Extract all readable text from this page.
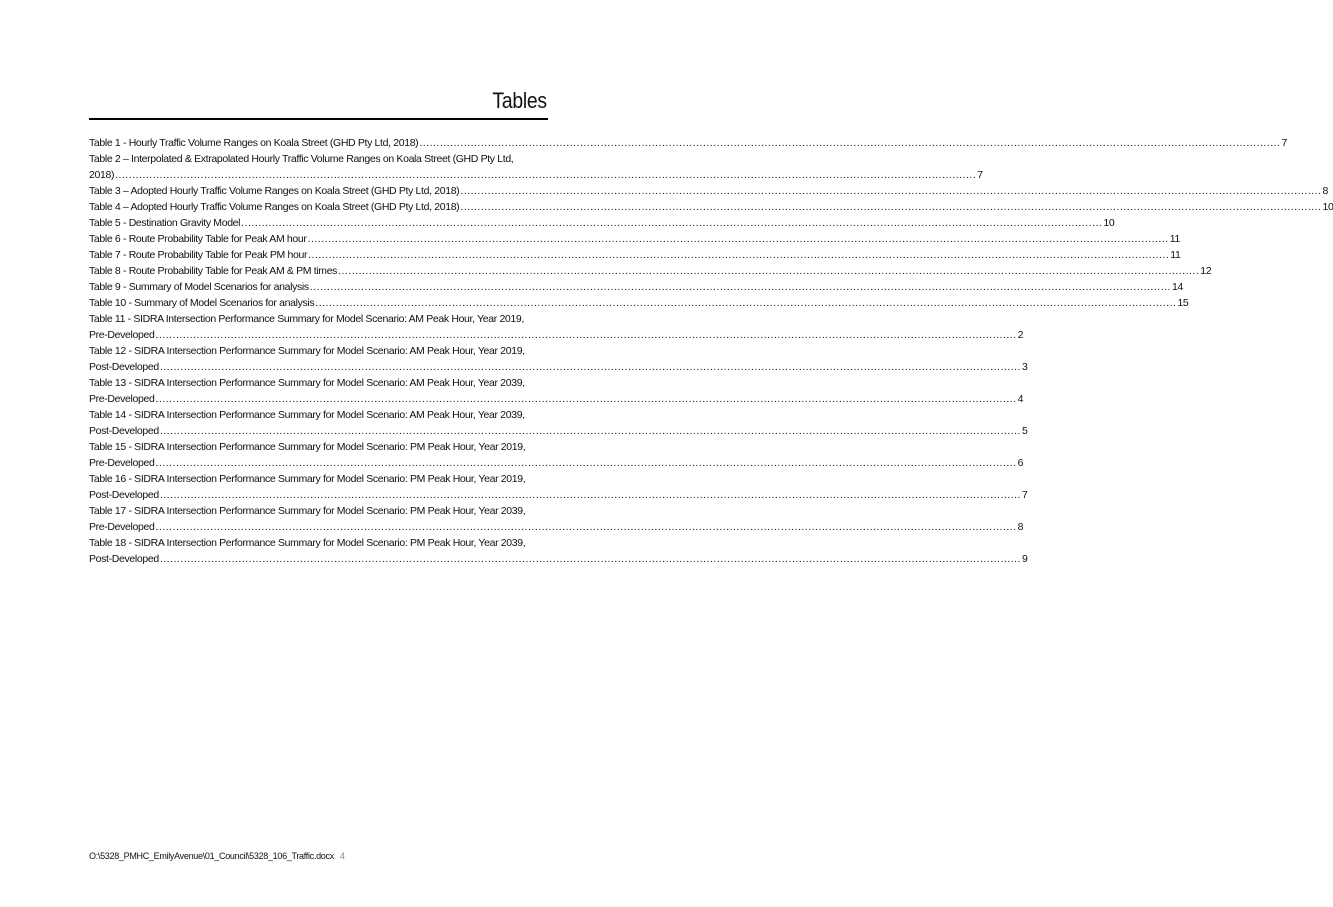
Tables
Table 1 - Hourly Traffic Volume Ranges on Koala Street (GHD Pty Ltd, 2018) .....	7
Table 2 – Interpolated & Extrapolated Hourly Traffic Volume Ranges on Koala Street (GHD Pty Ltd,
2018) .....	7
Table 3 – Adopted Hourly Traffic Volume Ranges on Koala Street (GHD Pty Ltd, 2018) .....	8
Table 4 – Adopted Hourly Traffic Volume Ranges on Koala Street (GHD Pty Ltd, 2018) .....	10
Table 5 - Destination Gravity Model .....	10
Table 6 - Route Probability Table for Peak AM hour .....	11
Table 7 - Route Probability Table for Peak PM hour .....	11
Table 8 - Route Probability Table for Peak AM & PM times .....	12
Table 9 - Summary of Model Scenarios for analysis .....	14
Table 10 - Summary of Model Scenarios for analysis .....	15
Table 11 - SIDRA Intersection Performance Summary for Model Scenario: AM Peak Hour, Year 2019,
Pre-Developed .....	2
Table 12 - SIDRA Intersection Performance Summary for Model Scenario: AM Peak Hour, Year 2019,
Post-Developed .....	3
Table 13 - SIDRA Intersection Performance Summary for Model Scenario: AM Peak Hour, Year 2039,
Pre-Developed .....	4
Table 14 - SIDRA Intersection Performance Summary for Model Scenario: AM Peak Hour, Year 2039,
Post-Developed .....	5
Table 15 - SIDRA Intersection Performance Summary for Model Scenario: PM Peak Hour, Year 2019,
Pre-Developed .....	6
Table 16 - SIDRA Intersection Performance Summary for Model Scenario: PM Peak Hour, Year 2019,
Post-Developed .....	7
Table 17 - SIDRA Intersection Performance Summary for Model Scenario: PM Peak Hour, Year 2039,
Pre-Developed .....	8
Table 18 - SIDRA Intersection Performance Summary for Model Scenario: PM Peak Hour, Year 2039,
Post-Developed .....	9
O:\5328_PMHC_EmilyAvenue\01_Council\5328_106_Traffic.docx 4
